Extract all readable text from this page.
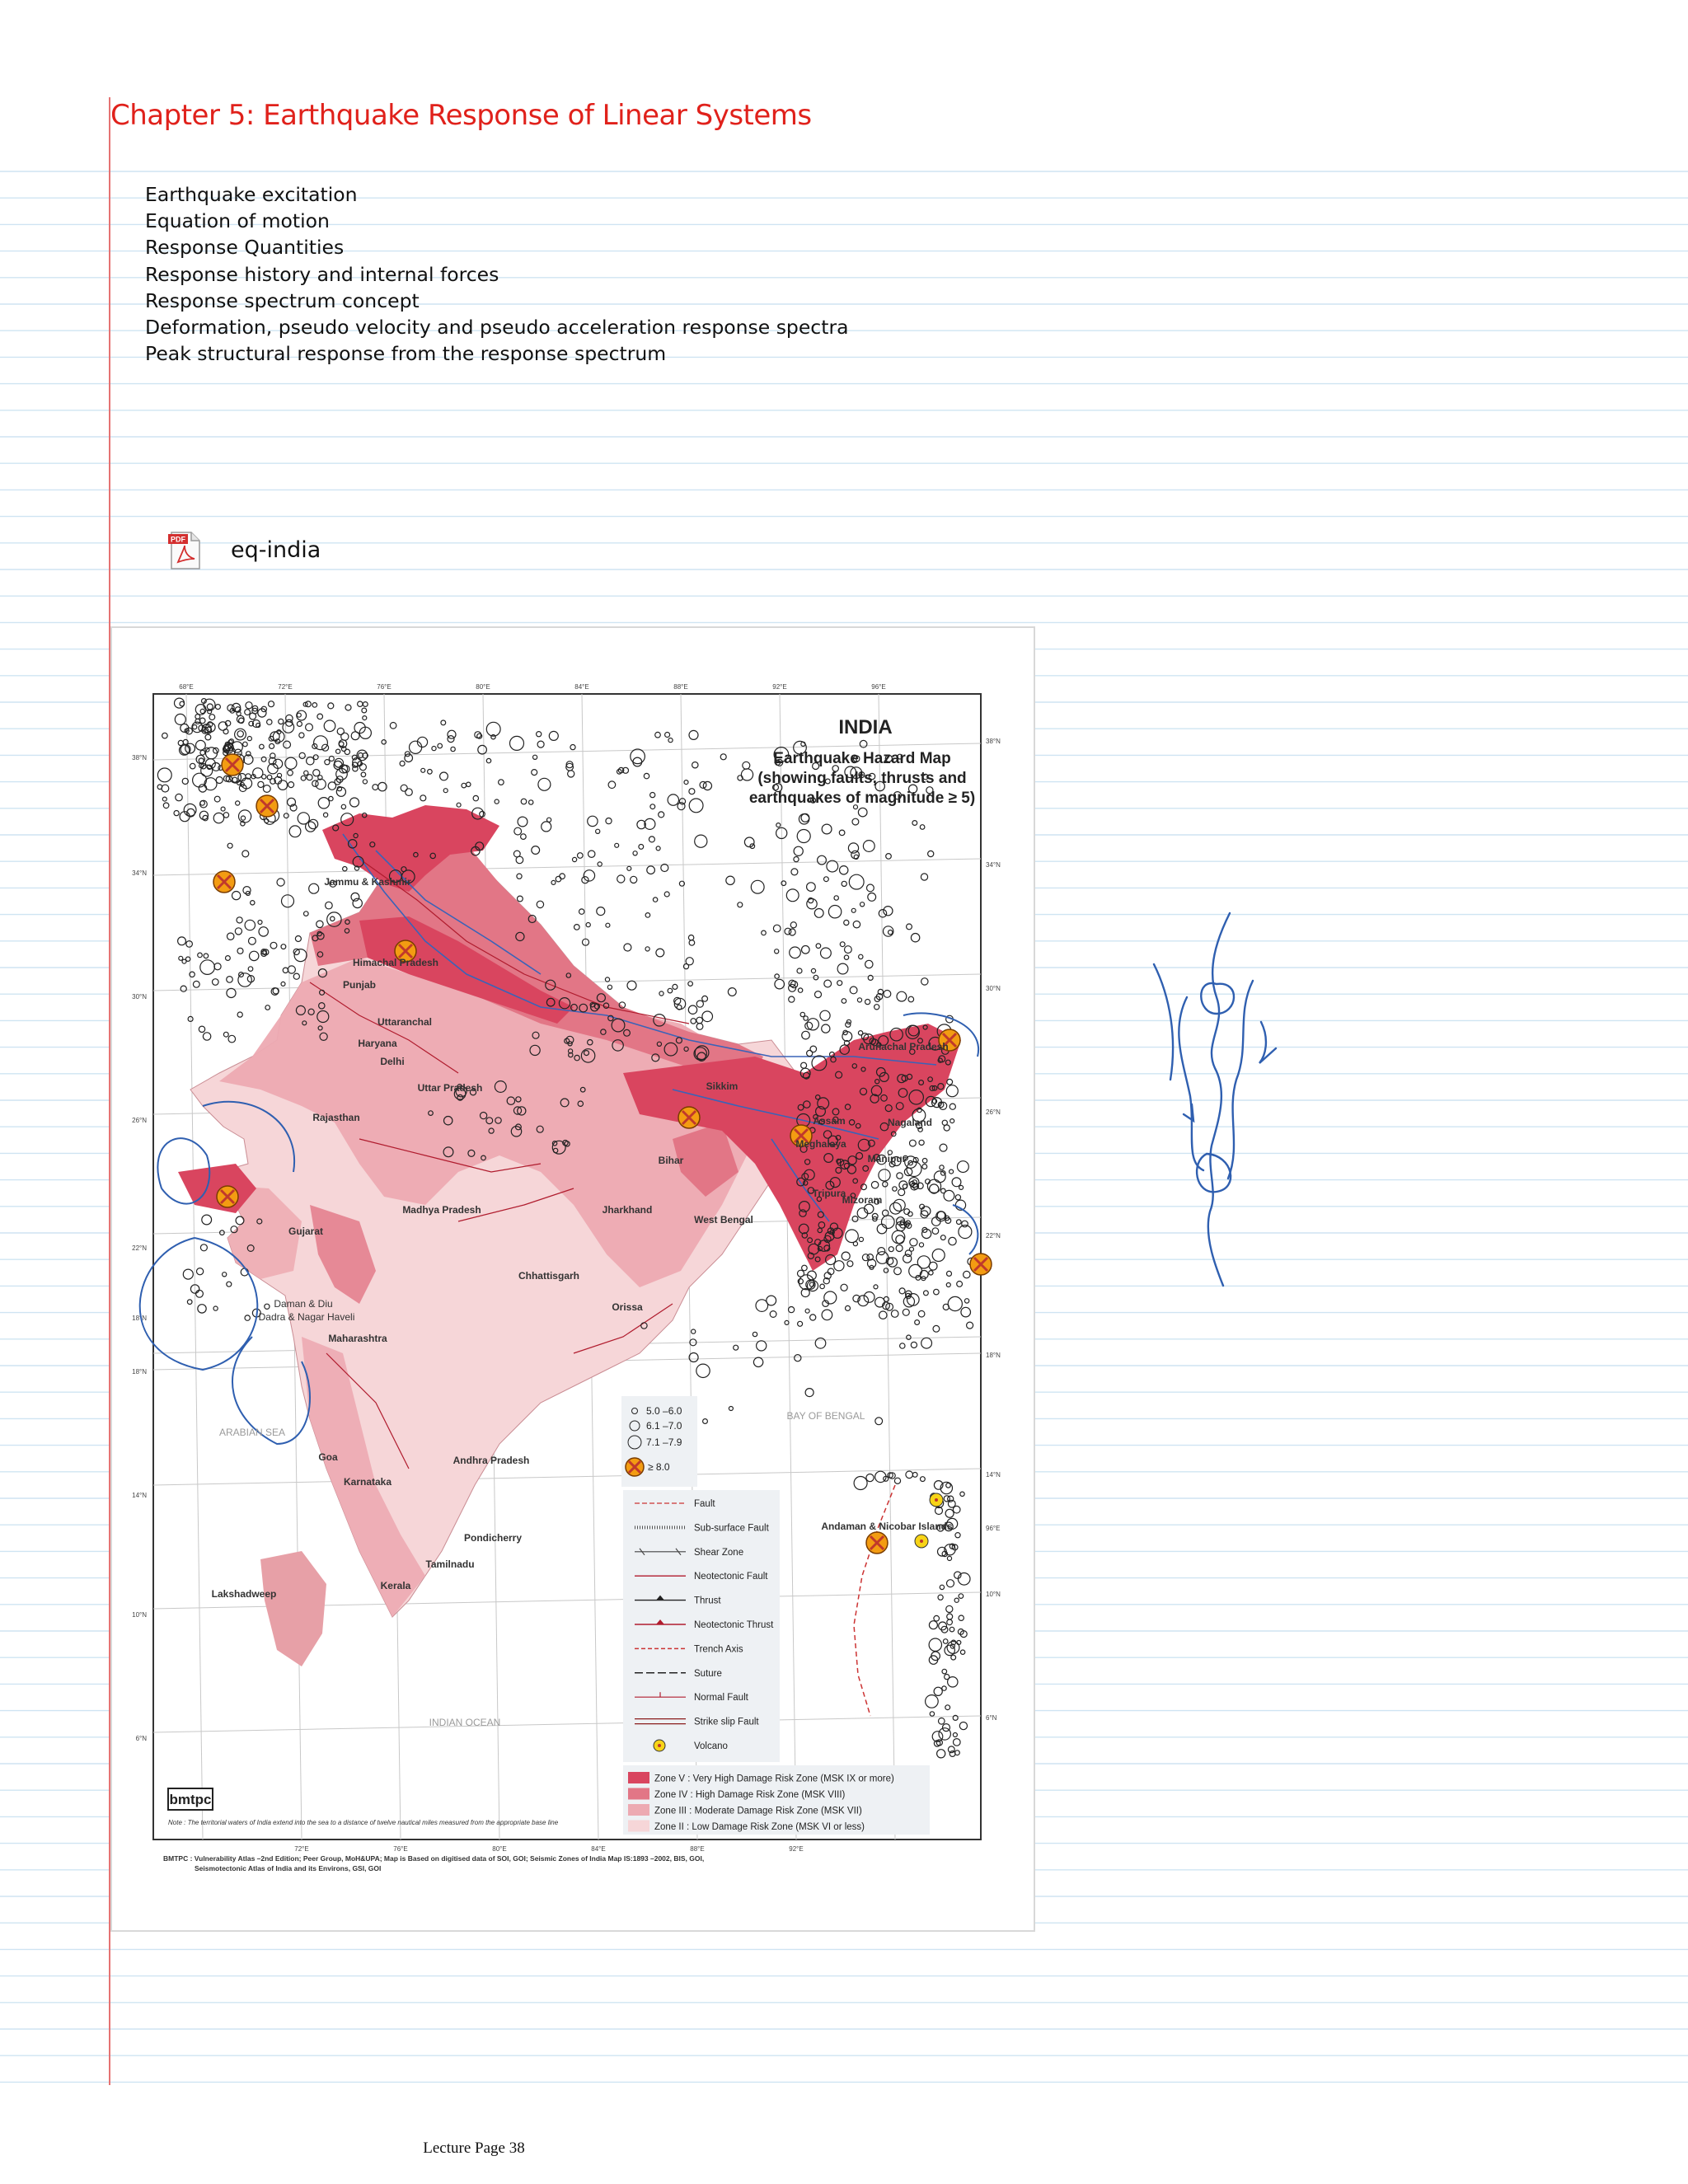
Chapter 5: Earthquake Response of Linear Systems
Earthquake excitation
Equation of motion
Response Quantities
Response history and internal forces
Response spectrum concept
Deformation, pseudo velocity and pseudo acceleration response spectra
Peak structural response from the response spectrum
PDF eq-india
68°E	72°E	76°E	80°E	84°E	88°E	92°E	96°E
72°E	76°E	80°E	84°E	88°E	92°E
38°N
34°N
30°N
26°N
22°N
18°N
18°N
14°N
10°N
6°N
38°N
34°N
30°N
26°N
22°N
18°N
14°N
96°E
10°N
6°N
INDIA
Earthquake Hazard Map
(showing faults, thrusts and
earthquakes of magnitude ≥ 5)
Jammu & Kashmir
Himachal Pradesh
Punjab
Uttaranchal
Haryana
Delhi
Uttar Pradesh
Rajasthan
Gujarat
Madhya Pradesh
Chhattisgarh
Jharkhand
Bihar
West Bengal
Orissa
Maharashtra
Daman & Diu
Dadra & Nagar Haveli
Goa
Karnataka
Andhra Pradesh
Tamilnadu
Pondicherry
Kerala
Lakshadweep
Sikkim
Assam
Meghalaya
Arunachal Pradesh
Nagaland
Manipur
Tripura
Mizoram
Andaman & Nicobar Islands
ARABIAN SEA
BAY OF BENGAL
INDIAN OCEAN
5.0 –6.0
6.1 –7.0
7.1 –7.9
≥ 8.0
Fault
Sub-surface Fault
Shear Zone
Neotectonic Fault
Thrust
Neotectonic Thrust
Trench Axis
Suture
Normal Fault
Strike slip Fault
Volcano
Zone V : Very High Damage Risk Zone (MSK IX or more)
Zone IV : High Damage Risk Zone (MSK VIII)
Zone III : Moderate Damage Risk Zone (MSK VII)
Zone II : Low Damage Risk Zone (MSK VI or less)
bmtpc
Note : The territorial waters of India extend into the sea to a distance of twelve nautical miles measured from the appropriate base line
BMTPC : Vulnerability Atlas –2nd Edition; Peer Group, MoH&UPA; Map is Based on digitised data of SOI, GOI; Seismic Zones of India Map IS:1893 –2002, BIS, GOI,
Seismotectonic Atlas of India and its Environs, GSI, GOI
Lecture Page 38
